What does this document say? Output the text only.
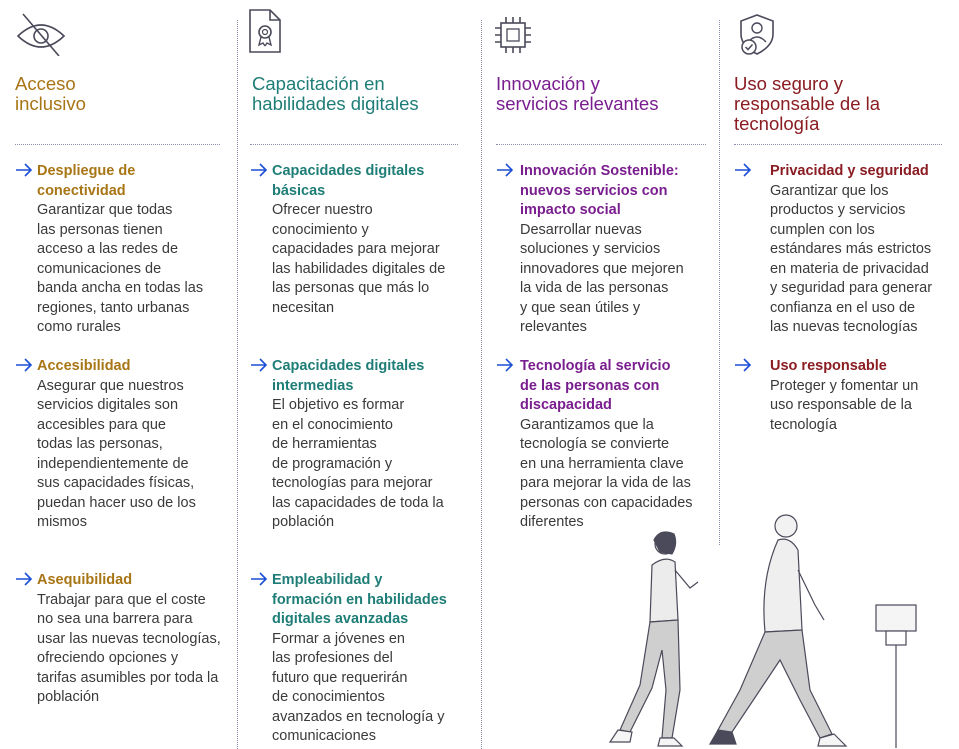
Acceso
inclusivo

Despliegue de
conectividad

Garantizar que todas
las personas tienen
acceso a las redes de
comunicaciones de
banda ancha en todas las
regiones, tanto urbanas
como rurales

Accesibilidad

Asegurar que nuestros
servicios digitales son
accesibles para que
todas las personas,
independientemente de
sus capacidades físicas,
puedan hacer uso de los
mismos

Asequibilidad

Trabajar para que el coste
no sea una barrera para
usar las nuevas tecnologías,
ofreciendo opciones y
tarifas asumibles por toda la
población

Capacitación en
habilidades digitales

Capacidades digitales
básicas

Ofrecer nuestro
conocimiento y
capacidades para mejorar
las habilidades digitales de
las personas que más lo
necesitan

Capacidades digitales
intermedias

El objetivo es formar
en el conocimiento
de herramientas
de programación y
tecnologías para mejorar
las capacidades de toda la
población

Empleabilidad y
formación en habilidades
digitales avanzadas

Formar a jóvenes en
las profesiones del
futuro que requerirán
de conocimientos
avanzados en tecnología y
comunicaciones

Innovación y
servicios relevantes

Innovación Sostenible:
nuevos servicios con
impacto social

Desarrollar nuevas
soluciones y servicios
innovadores que mejoren
la vida de las personas
y que sean útiles y
relevantes

Tecnología al servicio
de las personas con
discapacidad

Garantizamos que la
tecnología se convierte
en una herramienta clave
para mejorar la vida de las
personas con capacidades
diferentes

Uso seguro y
responsable de la
tecnología

Privacidad y seguridad

Garantizar que los
productos y servicios
cumplen con los
estándares más estrictos
en materia de privacidad
y seguridad para generar
confianza en el uso de
las nuevas tecnologías

Uso responsable

Proteger y fomentar un
uso responsable de la
tecnología
